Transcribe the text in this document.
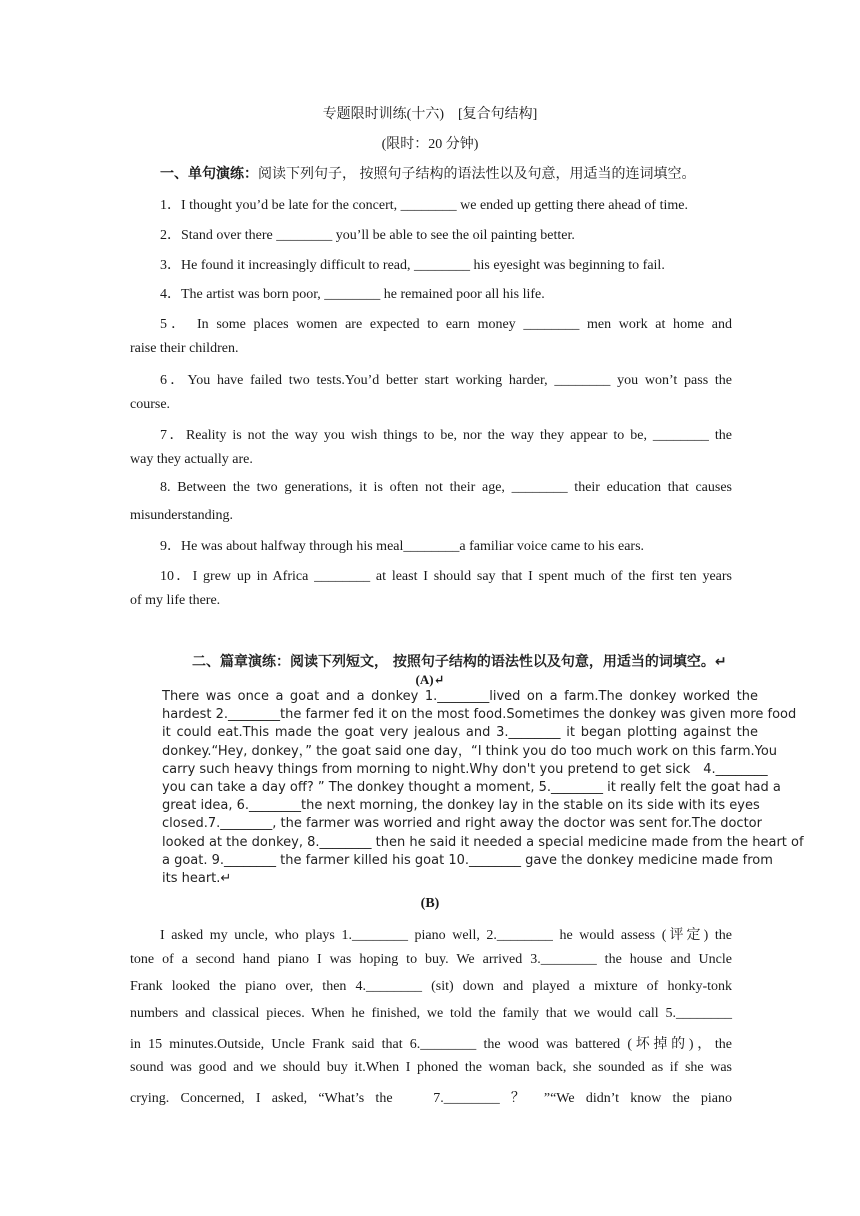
专题限时训练(十六)　[复合句结构]
(限时：20 分钟)
一、单句演练：阅读下列句子， 按照句子结构的语法性以及句意，用适当的连词填空。
1．I thought you’d be late for the concert, ________ we ended up getting there ahead of time.
2．Stand over there ________ you’ll be able to see the oil painting better.
3．He found it increasingly difficult to read, ________ his eyesight was beginning to fail.
4．The artist was born poor, ________ he remained poor all his life.
5． In some places women are expected to earn money ________ men work at home and
raise their children.
6．You have failed two tests.You’d better start working harder, ________ you won’t pass the
course.
7．Reality is not the way you wish things to be, nor the way they appear to be, ________ the
way they actually are.
8. Between the two generations, it is often not their age, ________ their education that causes
misunderstanding.
9．He was about halfway through his meal________a familiar voice came to his ears.
10．I grew up in Africa ________ at least I should say that I spent much of the first ten years
of my life there.
二、篇章演练：阅读下列短文， 按照句子结构的语法性以及句意，用适当的词填空。↵
(A)↵
There was once a goat and a donkey 1.________lived on a farm.The donkey worked the
hardest 2.________the farmer fed it on the most food.Sometimes the donkey was given more food
it could eat.This made the goat very jealous and 3.________ it began plotting against the
donkey.“Hey, donkey，” the goat said one day，“I think you do too much work on this farm.You
carry such heavy things from morning to night.Why don't you pretend to get sick　4.________
you can take a day off? ” The donkey thought a moment, 5.________ it really felt the goat had a
great idea, 6.________the next morning, the donkey lay in the stable on its side with its eyes
closed.7.________, the farmer was worried and right away the doctor was sent for.The doctor
looked at the donkey, 8.________ then he said it needed a special medicine made from the heart of
a goat. 9.________ the farmer killed his goat 10.________ gave the donkey medicine made from
its heart.↵
(B)
I asked my uncle, who plays 1.________ piano well, 2.________ he would assess (评定) the
tone of a second hand piano I was hoping to buy. We arrived 3.________ the house and Uncle
Frank looked the piano over, then 4.________ (sit) down and played a mixture of honky-tonk
numbers and classical pieces. When he finished, we told the family that we would call 5.________
in 15 minutes.Outside, Uncle Frank said that 6.________ the wood was battered (坏掉的)，the
sound was good and we should buy it.When I phoned the woman back, she sounded as if she was
crying. Concerned, I asked, “What’s the　 7.________ ？ ”“We didn’t know the piano
